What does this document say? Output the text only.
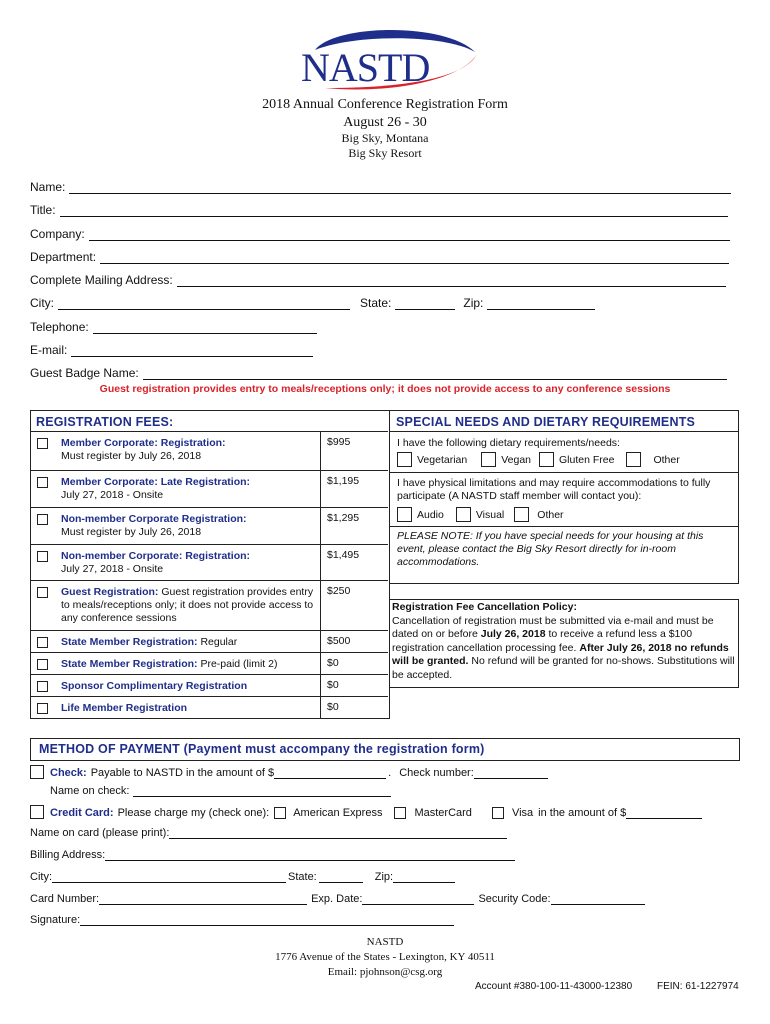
NASTD
2018 Annual Conference Registration Form
August 26 - 30
Big Sky, Montana
Big Sky Resort
Name:
Title:
Company:
Department:
Complete Mailing Address:
City:	State:	Zip:
Telephone:
E-mail:
Guest Badge Name:
Guest registration provides entry to meals/receptions only; it does not provide access to any conference sessions
REGISTRATION FEES:
Member Corporate: Registration:
Must register by July 26, 2018
$995
Member Corporate: Late Registration:
July 27, 2018 - Onsite
$1,195
Non-member Corporate Registration:
Must register by July 26, 2018
$1,295
Non-member Corporate: Registration:
July 27, 2018 - Onsite
$1,495
Guest Registration: Guest registration provides entry to meals/receptions only; it does not provide access to any conference sessions
$250
State Member Registration: Regular	$500
State Member Registration: Pre-paid (limit 2)	$0
Sponsor Complimentary Registration	$0
Life Member Registration	$0
SPECIAL NEEDS AND DIETARY REQUIREMENTS
I have the following dietary requirements/needs:
Vegetarian	Vegan	Gluten Free	Other
I have physical limitations and may require accommodations to fully participate (A NASTD staff member will contact you):
Audio	Visual	Other
PLEASE NOTE: If you have special needs for your housing at this event, please contact the Big Sky Resort directly for in-room accommodations.
Registration Fee Cancellation Policy:
Cancellation of registration must be submitted via e-mail and must be dated on or before July 26, 2018 to receive a refund less a $100 registration cancellation processing fee. After July 26, 2018 no refunds will be granted. No refund will be granted for no-shows. Substitutions will be accepted.
METHOD OF PAYMENT (Payment must accompany the registration form)
Check: Payable to NASTD in the amount of $	. Check number:
Name on check:
Credit Card: Please charge my (check one): American Express	MasterCard	Visa in the amount of $
Name on card (please print):
Billing Address:
City:	State:	Zip:
Card Number:	Exp. Date:	Security Code:
Signature:
NASTD
1776 Avenue of the States - Lexington, KY 40511
Email: pjohnson@csg.org
Account #380-100-11-43000-12380 FEIN: 61-1227974
